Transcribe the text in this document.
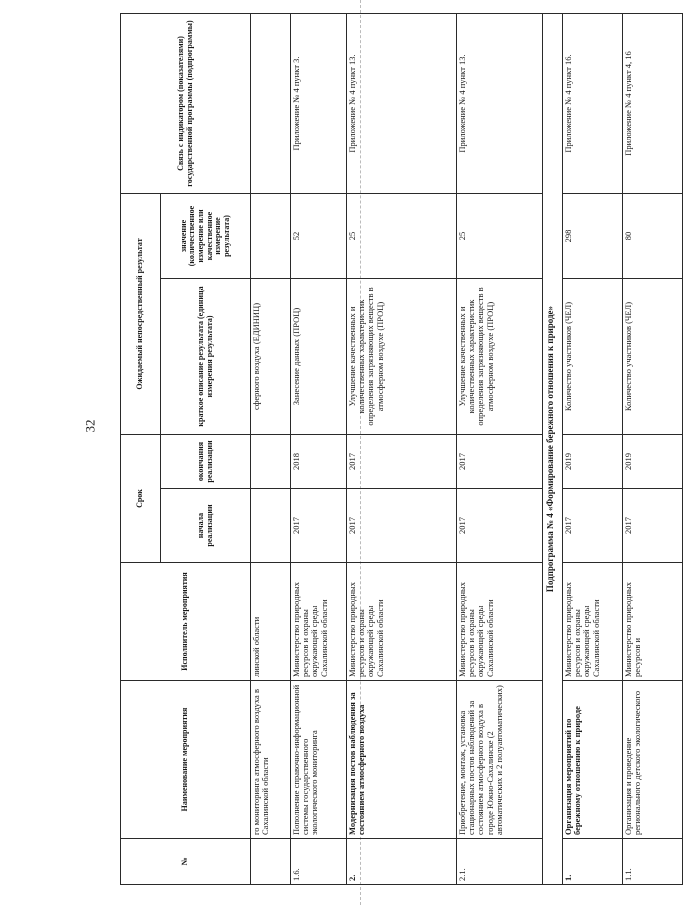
32
№	Наименование мероприятия	Исполнитель мероприятия	Срок		Ожидаемый непосредственный результат		Связь с индикатором (показателями) государственной программы (подпрограммы)
			начала реализации	окончания реализации	краткое описание результата (единица измерения результата)	значение (количественное измерение или качественное измерение результата)	
	го мониторинга атмосферного воздуха в Сахалинской области	линской области			сферного воздуха (ЕДИНИЦ)		
1.6.	Пополнение справочно-информационной системы государственного экологического мониторинга	Министерство природных ресурсов и охраны окружающей среды Сахалинской области	2017	2018	Занесение данных (ПРОЦ)	52	Приложение № 4 пункт 3.
2.	Модернизация постов наблюдения за состоянием атмосферного воздуха	Министерство природных ресурсов и охраны окружающей среды Сахалинской области	2017	2017	Улучшение качественных и количественных характеристик определения загрязняющих веществ в атмосферном воздухе (ПРОЦ)	25	Приложение № 4 пункт 13.
2.1.	Приобретение, монтаж, установка стационарных постов наблюдений за состоянием атмосферного воздуха в городе Южно-Сахалинске (2 автоматических и 2 полуавтоматических)	Министерство природных ресурсов и охраны окружающей среды Сахалинской области	2017	2017	Улучшение качественных и количественных характеристик определения загрязняющих веществ в атмосферном воздухе (ПРОЦ)	25	Приложение № 4 пункт 13.
Подпрограмма № 4 «Формирование бережного отношения к природе»							
1.	Организация мероприятий по бережному отношению к природе	Министерство природных ресурсов и охраны окружающей среды Сахалинской области	2017	2019	Количество участников (ЧЕЛ)	298	Приложение № 4 пункт 16.
1.1.	Организация и проведение регионального детского экологического	Министерство природных ресурсов и	2017	2019	Количество участников (ЧЕЛ)	80	Приложение № 4 пункт 4, 16
